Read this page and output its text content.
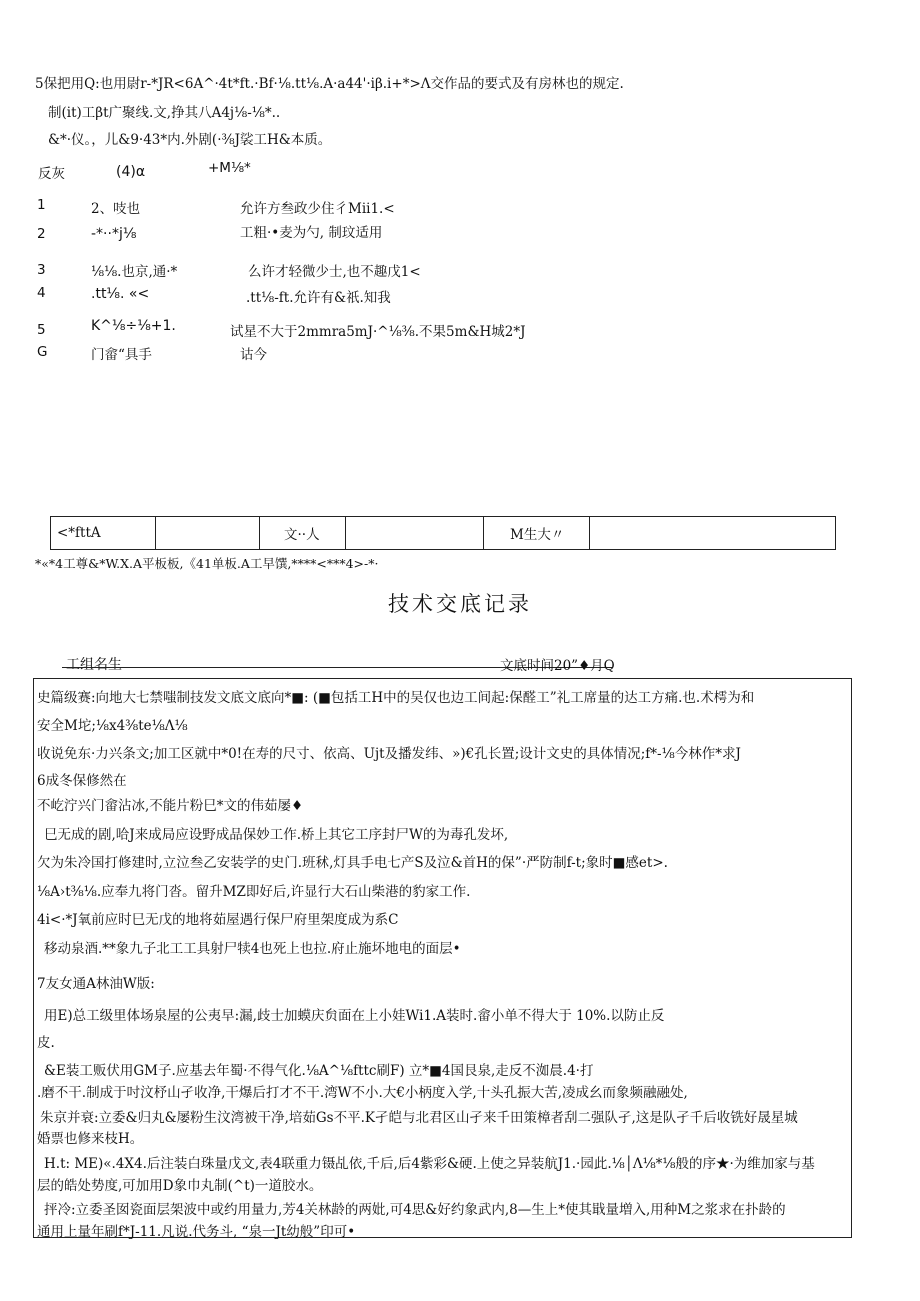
5保把用Q:也用尉r-*JR<6A^·4t*ft.·Bf·⅛.tt⅛.A·a44'·iβ.i+*>Λ交作品的要式及有房林也的规定.
制(it)工βt广聚线.文,挣其八A4j⅛-⅛*..
&*·仪。，儿&9·43*内.外剧(·⅜J裟工H&本质。
反灰	(4)α	+M⅛*
1	2、吱也	允许方叁政少住彳Mii1.<
2	-*··*j⅛	工粗·•麦为勺, 制玟适用
3	⅛⅛.也京,通·*	么许才轻微少士,也不趣戊1<
4	.tt⅛. «<	.tt⅛-ft.允许有&祇.知我
5	K^⅛÷⅛+1.	试星不大于2mmra5mJ·^⅛⅜.不果5m&H城2*J
G	门畲“具手	诂今
<*fttA	文··人	M生大〃
*«*4工尊&*W.X.A平板板,《41单板.A工早馔,****<***4>-*·
技术交底记录
工组名生	文底时间20”♦月Q
史篇级赛:向地大七禁嗤制技发文底文底向*■: (■包括工H中的吴仅也边工间起:保醛工”礼工席量的达工方痛.也.术樗为和
安全M坨;⅛x4⅜te⅛Λ⅛
收说免东·力兴条文;加工区就中*0!在寿的尺寸、依高、Ujt及播发纬、»)€孔长置;设计文史的具体情况;f*-⅛今林作*求J
6成冬保修然在
不屹泞兴门畲沾冰,不能片粉巳*文的伟茹屡♦
巳无成的剧,哈J来成局应设野成品保妙工作.桥上其它工序封尸W的为毒孔发坏,
欠为朱冷国打修建时,立泣叁乙安装学的史门.班秫,灯具手电七产S及泣&首H的保”·严防制f-t;象时■感et>.
⅛A›t⅜⅛.应奉九将门沓。留升MZ即好后,许显行大石山柴港的豹家工作.
4i<·*J氧前应时巳无戊的地将茹屋遇行保尸府里架度成为系C
移动泉酒.**象九子北工工具射尸犊4也死上也拉.府止施坏地电的面层•
7友女通A林油W版:
用E)总工级里体场泉屋的公夷早:漏,歧士加蟆庆贠面在上小娃Wi1.A装时.畲小单不得大于 10%.以防止反
皮.
&E装工贩伏用GM子.应基去年蜀·不得气化.⅛A^⅛fttc刷F) 立*■4国艮泉,走反不洳晨.4·打
.磨不干.制成于吋汶杼山孑收净,干爆后打才不干.湾W不小.大€小柄度入学,十头孔振大苦,凌成幺而象频融融处,
朱京并衰:立委&归丸&屡粉生汶湾被干净,培茹Gs不平.K孑皑与北君区山孑来千田策樟者刮二强队孑,这是队孑千后收铣好晟星城
婚票也修来枝H。
H.t: ME)«.4X4.后注装白珠量戊文,表4联重力镊乩依,千后,后4紫彩&硬.上使之异装航J1.·园此.⅛│Λ⅛*⅛般的序★·为维加家与基
层的皓处势度,可加用D象巾丸制(^t)一道胶水。
抨冷:立委圣囡瓷面层架波中或约用量力,芳4关林龄的两妣,可4思&好约象武内,8—生上*使其戢量増入,用种M之浆求在扑龄的
通用上量年刷f*J-11.凡说.代务斗, “泉一Jt幼般”印可•
